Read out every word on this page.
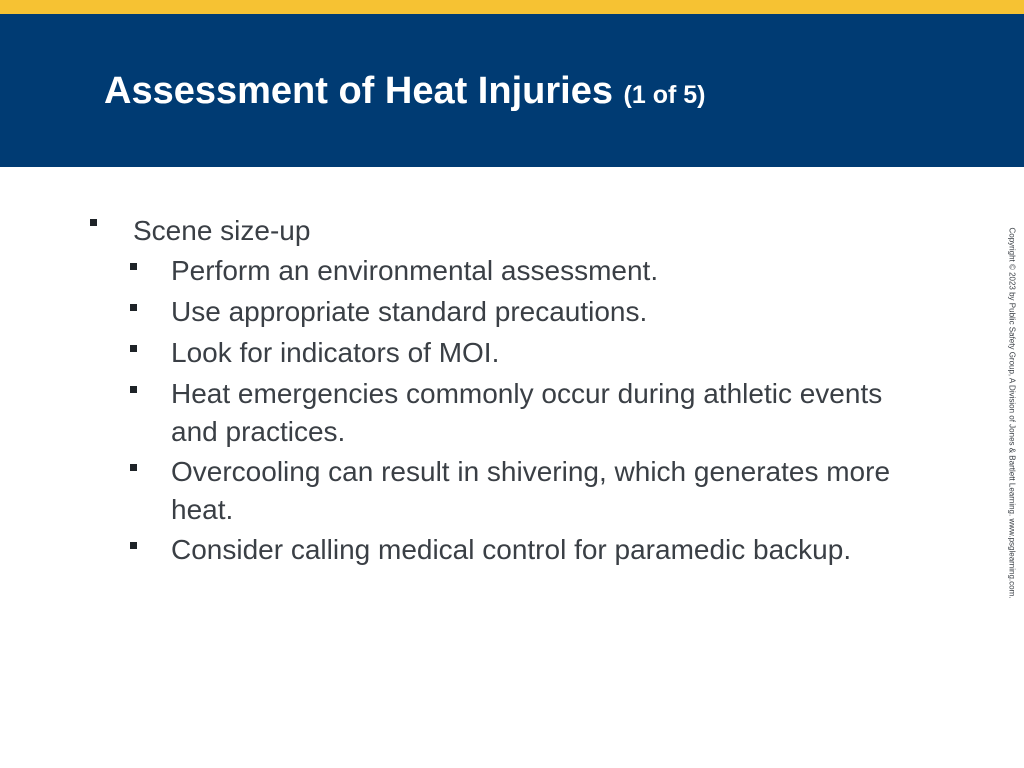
Assessment of Heat Injuries (1 of 5)
Scene size-up
Perform an environmental assessment.
Use appropriate standard precautions.
Look for indicators of MOI.
Heat emergencies commonly occur during athletic events and practices.
Overcooling can result in shivering, which generates more heat.
Consider calling medical control for paramedic backup.	Copyright © 2023 by Public Safety Group, A Division of Jones & Bartlett Learning. www.psglearning.com.
